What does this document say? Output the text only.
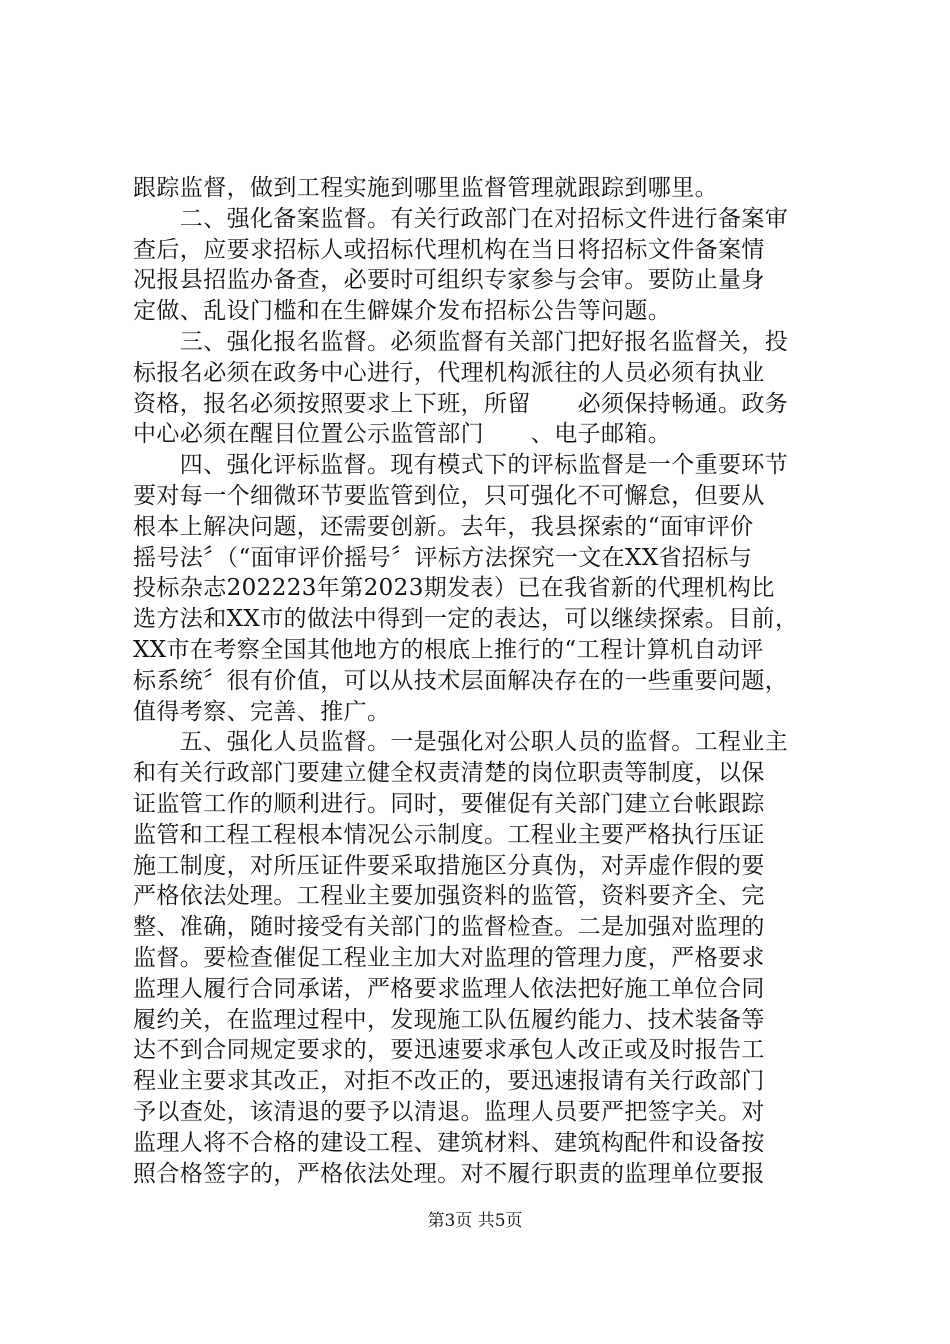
跟踪监督，做到工程实施到哪里监督管理就跟踪到哪里。
　　二、强化备案监督。有关行政部门在对招标文件进行备案审
查后，应要求招标人或招标代理机构在当日将招标文件备案情
况报县招监办备查，必要时可组织专家参与会审。要防止量身
定做、乱设门槛和在生僻媒介发布招标公告等问题。
　　三、强化报名监督。必须监督有关部门把好报名监督关，投
标报名必须在政务中心进行，代理机构派往的人员必须有执业
资格，报名必须按照要求上下班，所留　　必须保持畅通。政务
中心必须在醒目位置公示监管部门　　、电子邮箱。
　　四、强化评标监督。现有模式下的评标监督是一个重要环节
要对每一个细微环节要监管到位，只可强化不可懈怠，但要从
根本上解决问题，还需要创新。去年，我县探索的“面审评价
摇号法〞（“面审评价摇号〞评标方法探究一文在XX省招标与
投标杂志202223年第2023期发表）已在我省新的代理机构比
选方法和XX市的做法中得到一定的表达，可以继续探索。目前，
XX市在考察全国其他地方的根底上推行的“工程计算机自动评
标系统〞很有价值，可以从技术层面解决存在的一些重要问题，
值得考察、完善、推广。
　　五、强化人员监督。一是强化对公职人员的监督。工程业主
和有关行政部门要建立健全权责清楚的岗位职责等制度，以保
证监管工作的顺利进行。同时，要催促有关部门建立台帐跟踪
监管和工程工程根本情况公示制度。工程业主要严格执行压证
施工制度，对所压证件要采取措施区分真伪，对弄虚作假的要
严格依法处理。工程业主要加强资料的监管，资料要齐全、完
整、准确，随时接受有关部门的监督检查。二是加强对监理的
监督。要检查催促工程业主加大对监理的管理力度，严格要求
监理人履行合同承诺，严格要求监理人依法把好施工单位合同
履约关，在监理过程中，发现施工队伍履约能力、技术装备等
达不到合同规定要求的，要迅速要求承包人改正或及时报告工
程业主要求其改正，对拒不改正的，要迅速报请有关行政部门
予以查处，该清退的要予以清退。监理人员要严把签字关。对
监理人将不合格的建设工程、建筑材料、建筑构配件和设备按
照合格签字的，严格依法处理。对不履行职责的监理单位要报
第3页 共5页
